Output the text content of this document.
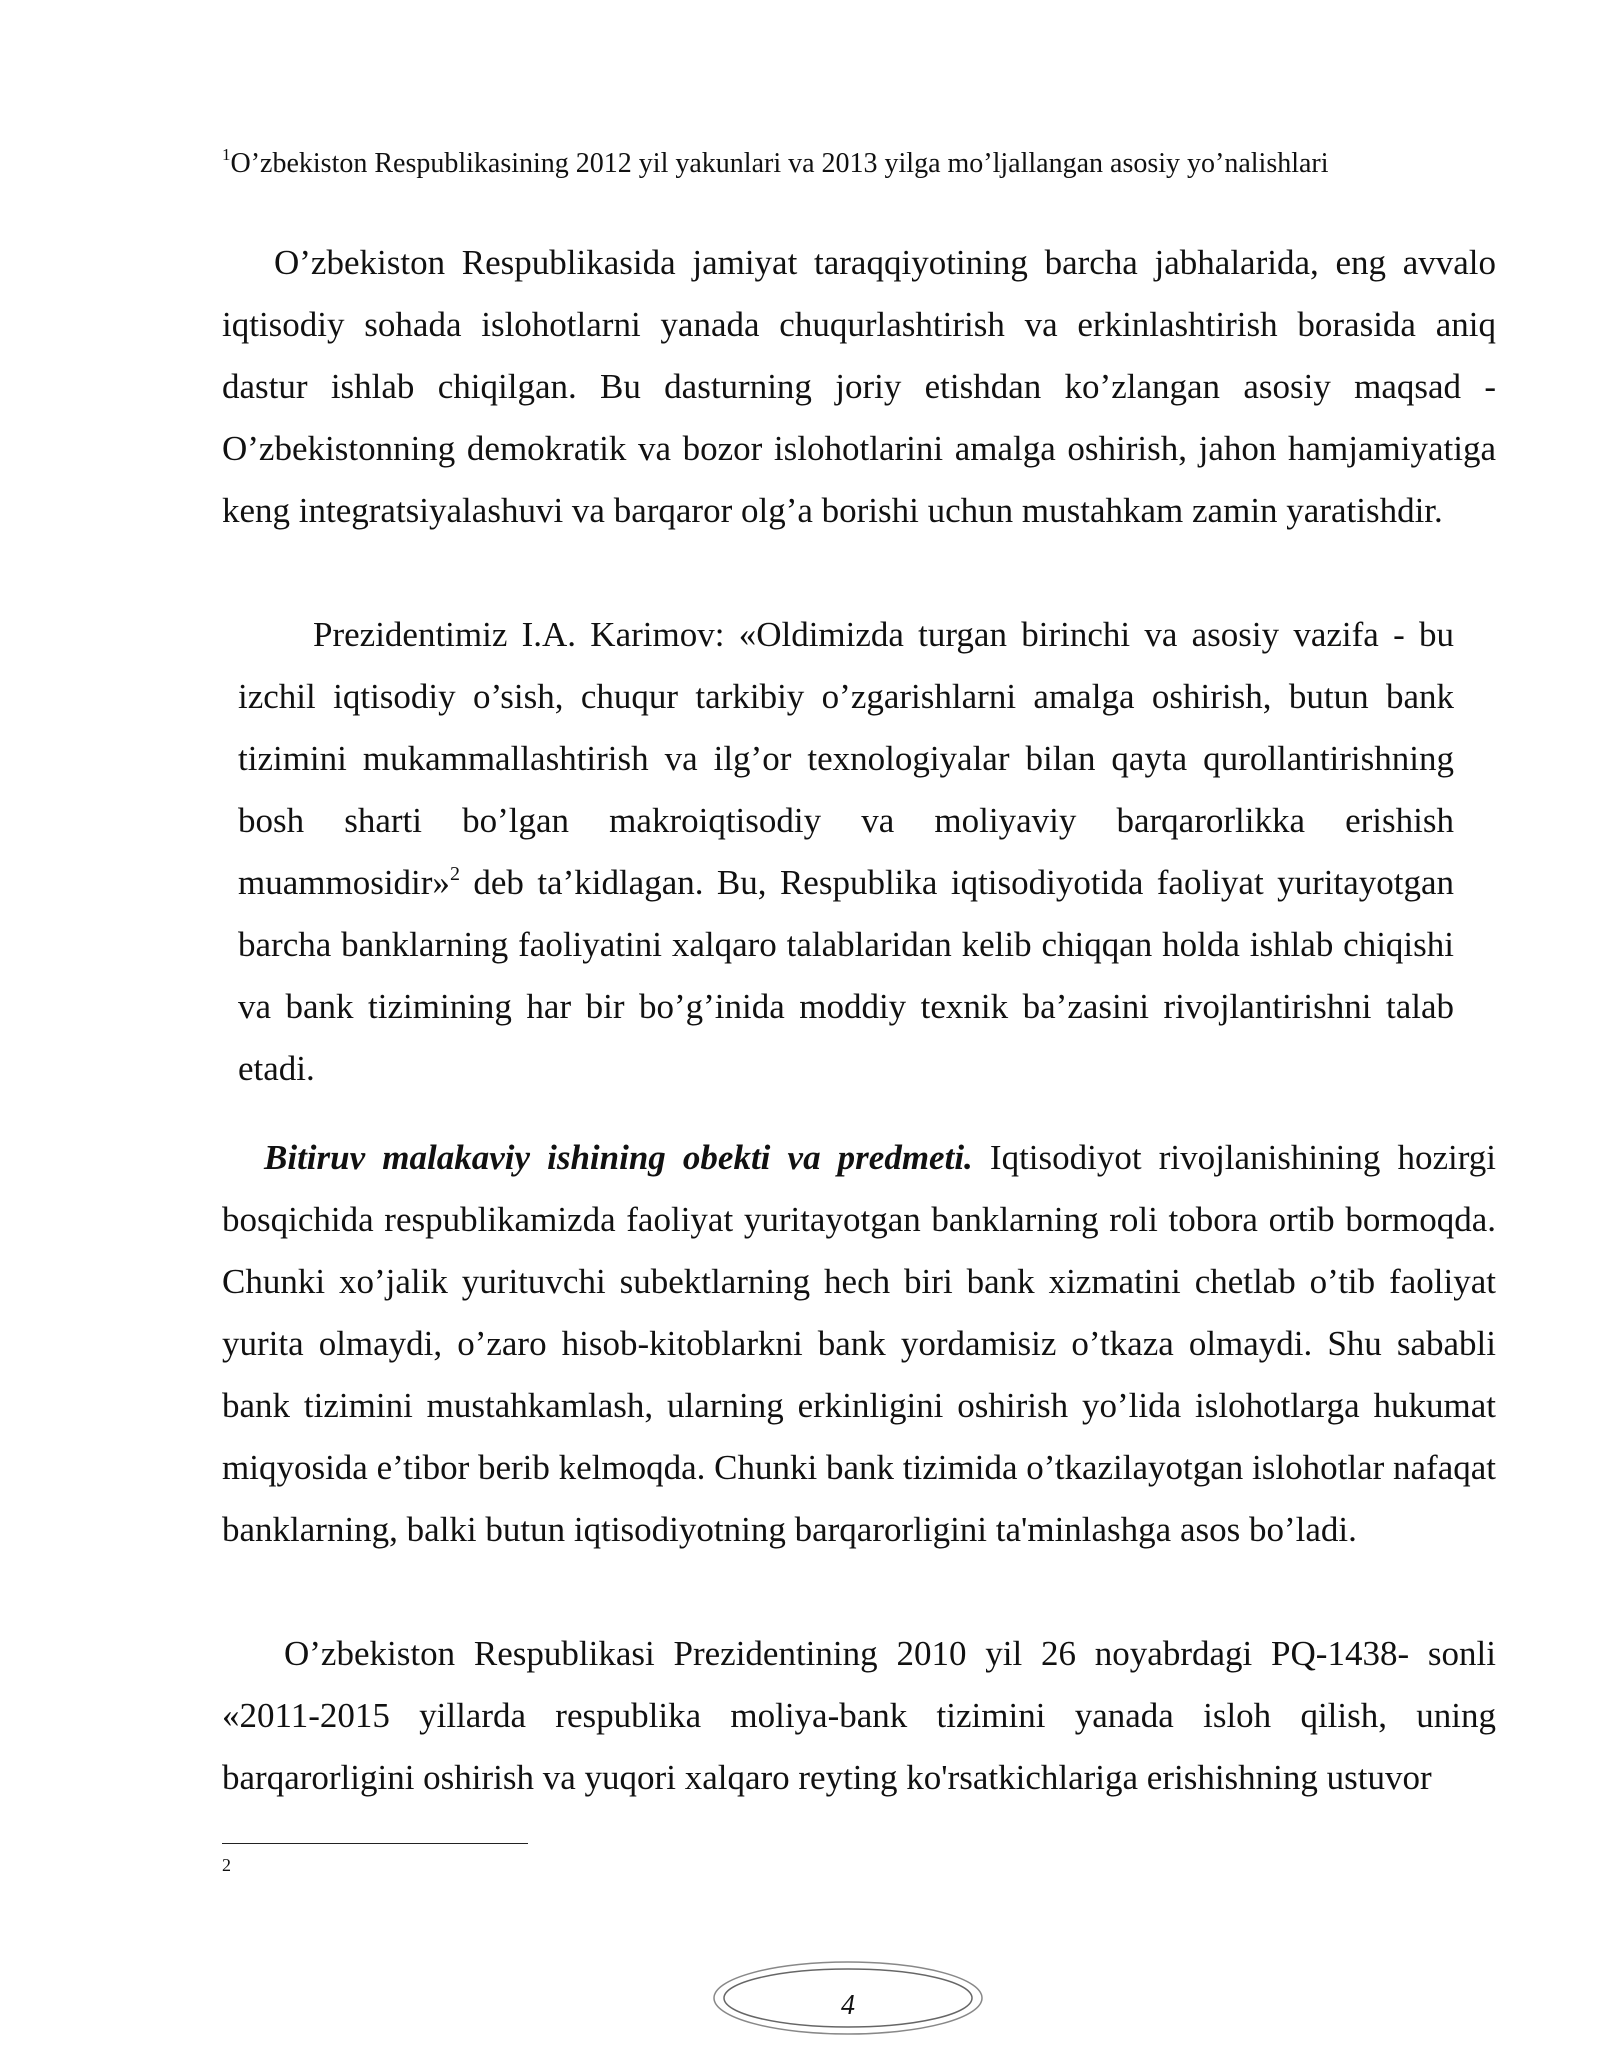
$^1$O’zbekiston Respublikasining 2012 yil yakunlari va 2013 yilga mo’ljallangan asosiy yo’nalishlari

O’zbekiston Respublikasida jamiyat taraqqiyotining barcha jabhalarida, eng avvalo iqtisodiy sohada islohotlarni yanada chuqurlashtirish va erkinlashtirish borasida aniq dastur ishlab chiqilgan. Bu dasturning joriy etishdan ko’zlangan asosiy maqsad - O’zbekistonning demokratik va bozor islohotlarini amalga oshirish, jahon hamjamiyatiga keng integratsiyalashuvi va barqaror olg’a borishi uchun mustahkam zamin yaratishdir.

Prezidentimiz I.A. Karimov: «Oldimizda turgan birinchi va asosiy vazifa - bu izchil iqtisodiy o’sish, chuqur tarkibiy o’zgarishlarni amalga oshirish, butun bank tizimini mukammallashtirish va ilg’or texnologiyalar bilan qayta qurollantirishning bosh sharti bo’lgan makroiqtisodiy va moliyaviy barqarorlikka erishish muammosidir»$^2$ deb ta’kidlagan. Bu, Respublika iqtisodiyotida faoliyat yuritayotgan barcha banklarning faoliyatini xalqaro talablaridan kelib chiqqan holda ishlab chiqishi va bank tizimining har bir bo’g’inida moddiy texnik ba’zasini rivojlantirishni talab etadi.

Bitiruv malakaviy ishining obekti va predmeti. Iqtisodiyot rivojlanishining hozirgi bosqichida respublikamizda faoliyat yuritayotgan banklarning roli tobora ortib bormoqda. Chunki xo’jalik yurituvchi subektlarning hech biri bank xizmatini chetlab o’tib faoliyat yurita olmaydi, o’zaro hisob-kitoblarkni bank yordamisiz o’tkaza olmaydi. Shu sababli bank tizimini mustahkamlash, ularning erkinligini oshirish yo’lida islohotlarga hukumat miqyosida e’tibor berib kelmoqda. Chunki bank tizimida o’tkazilayotgan islohotlar nafaqat banklarning, balki butun iqtisodiyotning barqarorligini ta'minlashga asos bo’ladi.

O’zbekiston Respublikasi Prezidentining 2010 yil 26 noyabrdagi PQ-1438- sonli «2011-2015 yillarda respublika moliya-bank tizimini yanada isloh qilish, uning barqarorligini oshirish va yuqori xalqaro reyting ko'rsatkichlariga erishishning ustuvor

2
4
